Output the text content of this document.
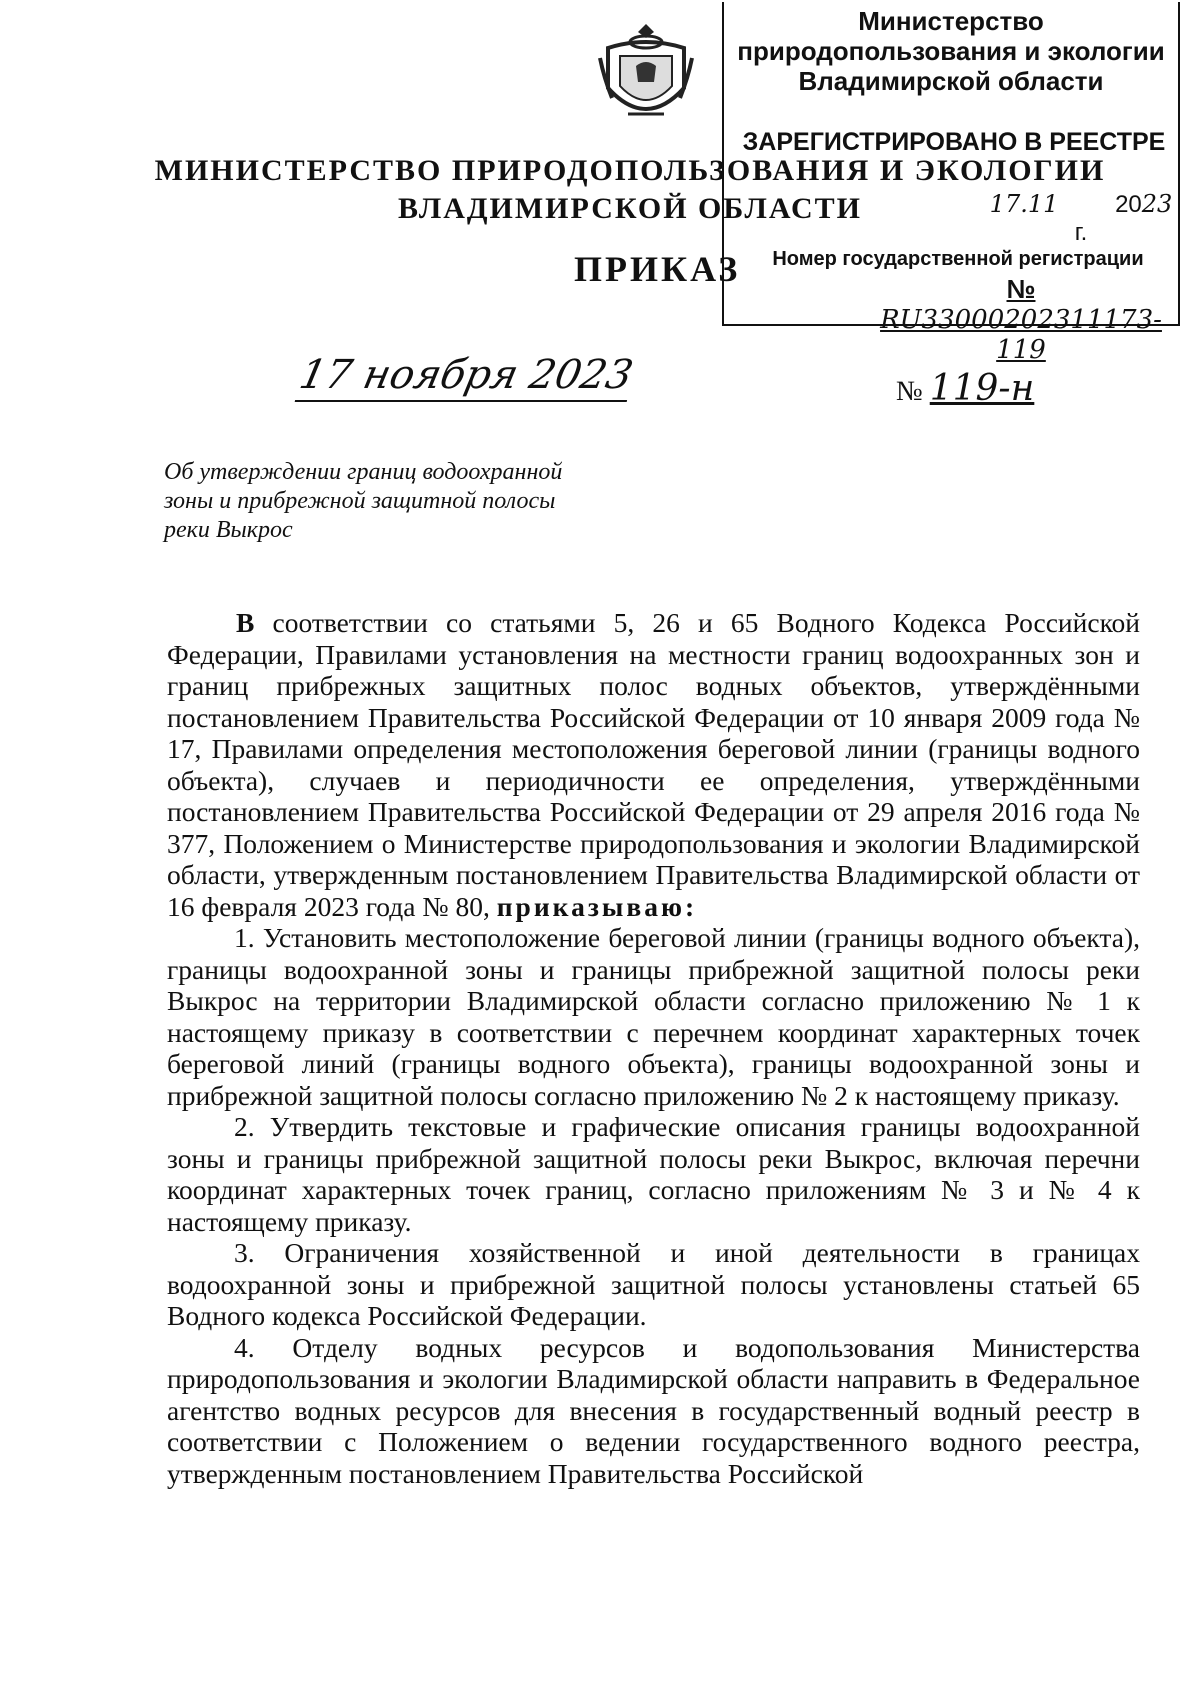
Министерство
природопользования и экологии
Владимирской области
ЗАРЕГИСТРИРОВАНО В РЕЕСТРЕ
17.11 2023 г.
Номер государственной регистрации
№ RU33000202311173-119
МИНИСТЕРСТВО ПРИРОДОПОЛЬЗОВАНИЯ И ЭКОЛОГИИ
ВЛАДИМИРСКОЙ ОБЛАСТИ
ПРИКАЗ
17 ноября 2023	№ 119-н
Об утверждении границ водоохранной
зоны и прибрежной защитной полосы
реки Выкрос

В соответствии со статьями 5, 26 и 65 Водного Кодекса Российской Федерации, Правилами установления на местности границ водоохранных зон и границ прибрежных защитных полос водных объектов, утверждёнными постановлением Правительства Российской Федерации от 10 января 2009 года № 17, Правилами определения местоположения береговой линии (границы водного объекта), случаев и периодичности ее определения, утверждёнными постановлением Правительства Российской Федерации от 29 апреля 2016 года № 377, Положением о Министерстве природопользования и экологии Владимирской области, утвержденным постановлением Правительства Владимирской области от 16 февраля 2023 года № 80, приказываю:

1. Установить местоположение береговой линии (границы водного объекта), границы водоохранной зоны и границы прибрежной защитной полосы реки Выкрос на территории Владимирской области согласно приложению № 1 к настоящему приказу в соответствии с перечнем координат характерных точек береговой линий (границы водного объекта), границы водоохранной зоны и прибрежной защитной полосы согласно приложению № 2 к настоящему приказу.

2. Утвердить текстовые и графические описания границы водоохранной зоны и границы прибрежной защитной полосы реки Выкрос, включая перечни координат характерных точек границ, согласно приложениям № 3 и № 4 к настоящему приказу.

3. Ограничения хозяйственной и иной деятельности в границах водоохранной зоны и прибрежной защитной полосы установлены статьей 65 Водного кодекса Российской Федерации.

4. Отделу водных ресурсов и водопользования Министерства природопользования и экологии Владимирской области направить в Федеральное агентство водных ресурсов для внесения в государственный водный реестр в соответствии с Положением о ведении государственного водного реестра, утвержденным постановлением Правительства Российской
